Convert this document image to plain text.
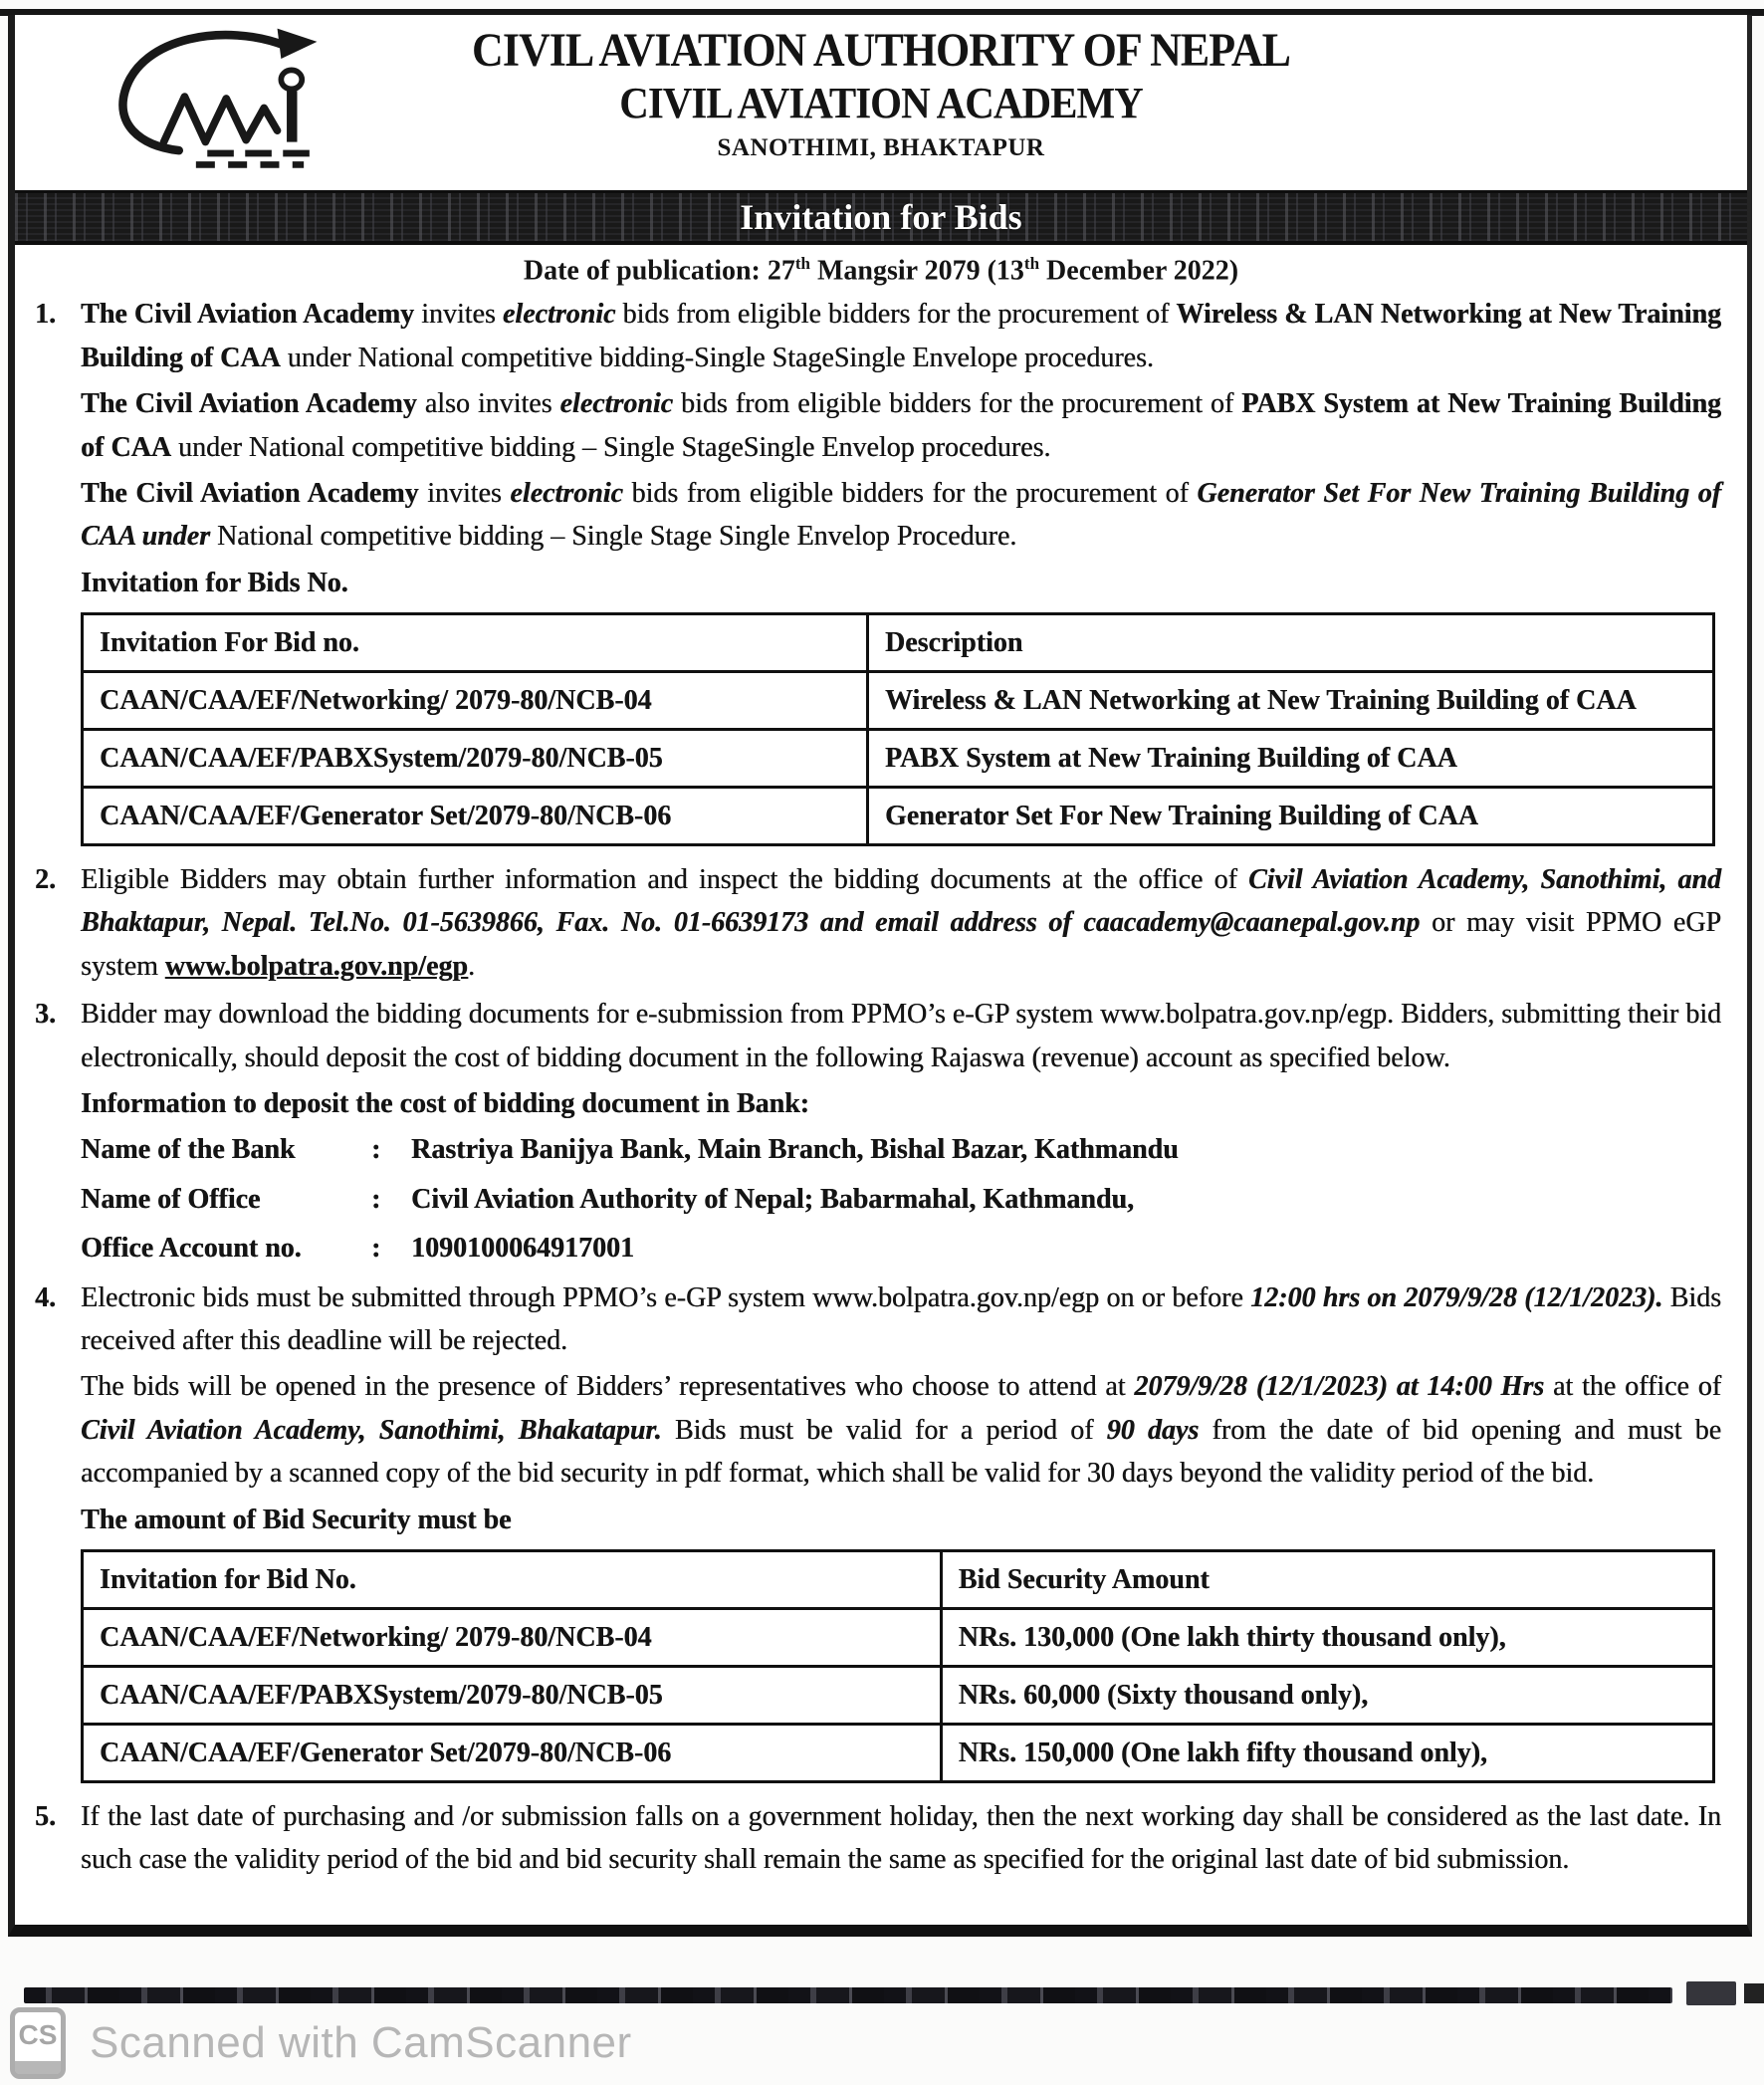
CIVIL AVIATION AUTHORITY OF NEPAL
CIVIL AVIATION ACADEMY
SANOTHIMI, BHAKTAPUR
Invitation for Bids
Date of publication: 27th Mangsir 2079 (13th December 2022)
1. The Civil Aviation Academy invites electronic bids from eligible bidders for the procurement of Wireless & LAN Networking at New Training Building of CAA under National competitive bidding-Single StageSingle Envelope procedures.

The Civil Aviation Academy also invites electronic bids from eligible bidders for the procurement of PABX System at New Training Building of CAA under National competitive bidding – Single StageSingle Envelop procedures.

The Civil Aviation Academy invites electronic bids from eligible bidders for the procurement of Generator Set For New Training Building of CAA under National competitive bidding – Single Stage Single Envelop Procedure.

Invitation for Bids No.
Invitation For Bid no.	Description
CAAN/CAA/EF/Networking/ 2079-80/NCB-04	Wireless & LAN Networking at New Training Building of CAA
CAAN/CAA/EF/PABXSystem/2079-80/NCB-05	PABX System at New Training Building of CAA
CAAN/CAA/EF/Generator Set/2079-80/NCB-06	Generator Set For New Training Building of CAA
2. Eligible Bidders may obtain further information and inspect the bidding documents at the office of Civil Aviation Academy, Sanothimi, and Bhaktapur, Nepal. Tel.No. 01-5639866, Fax. No. 01-6639173 and email address of caacademy@caanepal.gov.np or may visit PPMO eGP system www.bolpatra.gov.np/egp.

3. Bidder may download the bidding documents for e-submission from PPMO’s e-GP system www.bolpatra.gov.np/egp. Bidders, submitting their bid electronically, should deposit the cost of bidding document in the following Rajaswa (revenue) account as specified below.

Information to deposit the cost of bidding document in Bank:
Name of the Bank	:	Rastriya Banijya Bank, Main Branch, Bishal Bazar, Kathmandu
Name of Office	:	Civil Aviation Authority of Nepal; Babarmahal, Kathmandu,
Office Account no.	:	1090100064917001
4. Electronic bids must be submitted through PPMO’s e-GP system www.bolpatra.gov.np/egp on or before 12:00 hrs on 2079/9/28 (12/1/2023). Bids received after this deadline will be rejected.

The bids will be opened in the presence of Bidders’ representatives who choose to attend at 2079/9/28 (12/1/2023) at 14:00 Hrs at the office of Civil Aviation Academy, Sanothimi, Bhakatapur. Bids must be valid for a period of 90 days from the date of bid opening and must be accompanied by a scanned copy of the bid security in pdf format, which shall be valid for 30 days beyond the validity period of the bid.

The amount of Bid Security must be
Invitation for Bid No.	Bid Security Amount
CAAN/CAA/EF/Networking/ 2079-80/NCB-04	NRs. 130,000 (One lakh thirty thousand only),
CAAN/CAA/EF/PABXSystem/2079-80/NCB-05	NRs. 60,000 (Sixty thousand only),
CAAN/CAA/EF/Generator Set/2079-80/NCB-06	NRs. 150,000 (One lakh fifty thousand only),
5. If the last date of purchasing and /or submission falls on a government holiday, then the next working day shall be considered as the last date. In such case the validity period of the bid and bid security shall remain the same as specified for the original last date of bid submission.

CS Scanned with CamScanner
